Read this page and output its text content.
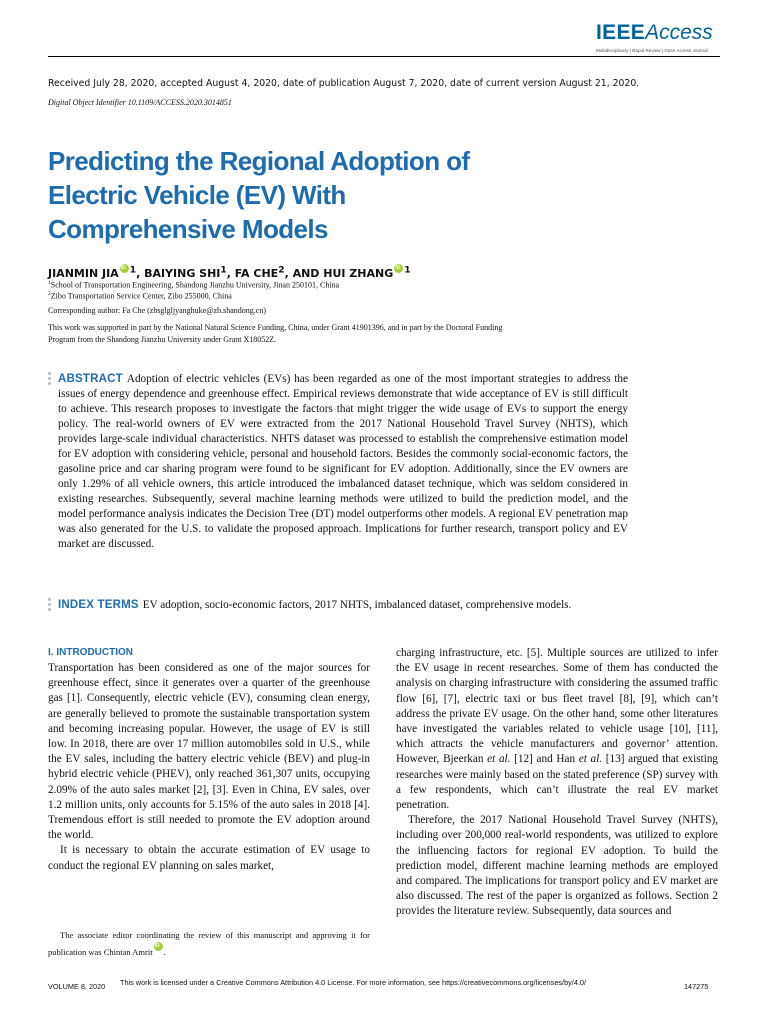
IEEEAccess
Multidisciplinary | Rapid Review | Open Access Journal
Received July 28, 2020, accepted August 4, 2020, date of publication August 7, 2020, date of current version August 21, 2020.
Digital Object Identifier 10.1109/ACCESS.2020.3014851
Predicting the Regional Adoption of Electric Vehicle (EV) With Comprehensive Models
JIANMIN JIA iD $^1$, BAIYING SHI$^1$, FA CHE$^2$, AND HUI ZHANG iD $^1$
$^1$School of Transportation Engineering, Shandong Jianzhu University, Jinan 250101, China
$^2$Zibo Transportation Service Center, Zibo 255000, China
Corresponding author: Fa Che (zbsglgljyanghuke@zb.shandong.cn)
This work was supported in part by the National Natural Science Funding, China, under Grant 41901396, and in part by the Doctoral Funding Program from the Shandong Jianzhu University under Grant X18052Z.
ABSTRACT Adoption of electric vehicles (EVs) has been regarded as one of the most important strategies to address the issues of energy dependence and greenhouse effect. Empirical reviews demonstrate that wide acceptance of EV is still difficult to achieve. This research proposes to investigate the factors that might trigger the wide usage of EVs to support the energy policy. The real-world owners of EV were extracted from the 2017 National Household Travel Survey (NHTS), which provides large-scale individual characteristics. NHTS dataset was processed to establish the comprehensive estimation model for EV adoption with considering vehicle, personal and household factors. Besides the commonly social-economic factors, the gasoline price and car sharing program were found to be significant for EV adoption. Additionally, since the EV owners are only 1.29% of all vehicle owners, this article introduced the imbalanced dataset technique, which was seldom considered in existing researches. Subsequently, several machine learning methods were utilized to build the prediction model, and the model performance analysis indicates the Decision Tree (DT) model outperforms other models. A regional EV penetration map was also generated for the U.S. to validate the proposed approach. Implications for further research, transport policy and EV market are discussed.
INDEX TERMS EV adoption, socio-economic factors, 2017 NHTS, imbalanced dataset, comprehensive models.
I. INTRODUCTION

Transportation has been considered as one of the major sources for greenhouse effect, since it generates over a quarter of the greenhouse gas [1]. Consequently, electric vehicle (EV), consuming clean energy, are generally believed to promote the sustainable transportation system and becoming increasing popular. However, the usage of EV is still low. In 2018, there are over 17 million automobiles sold in U.S., while the EV sales, including the battery electric vehicle (BEV) and plug-in hybrid electric vehicle (PHEV), only reached 361,307 units, occupying 2.09% of the auto sales market [2], [3]. Even in China, EV sales, over 1.2 million units, only accounts for 5.15% of the auto sales in 2018 [4]. Tremendous effort is still needed to promote the EV adoption around the world.

It is necessary to obtain the accurate estimation of EV usage to conduct the regional EV planning on sales market,

charging infrastructure, etc. [5]. Multiple sources are utilized to infer the EV usage in recent researches. Some of them has conducted the analysis on charging infrastructure with considering the assumed traffic flow [6], [7], electric taxi or bus fleet travel [8], [9], which can’t address the private EV usage. On the other hand, some other literatures have investigated the variables related to vehicle usage [10], [11], which attracts the vehicle manufacturers and governor’ attention. However, Bjeerkan et al. [12] and Han et al. [13] argued that existing researches were mainly based on the stated preference (SP) survey with a few respondents, which can’t illustrate the real EV market penetration.

Therefore, the 2017 National Household Travel Survey (NHTS), including over 200,000 real-world respondents, was utilized to explore the influencing factors for regional EV adoption. To build the prediction model, different machine learning methods are employed and compared. The implications for transport policy and EV market are also discussed. The rest of the paper is organized as follows. Section 2 provides the literature review. Subsequently, data sources and

The associate editor coordinating the review of this manuscript and approving it for publication was Chintan AmritiD .
VOLUME 8, 2020 This work is licensed under a Creative Commons Attribution 4.0 License. For more information, see https://creativecommons.org/licenses/by/4.0/	147275
